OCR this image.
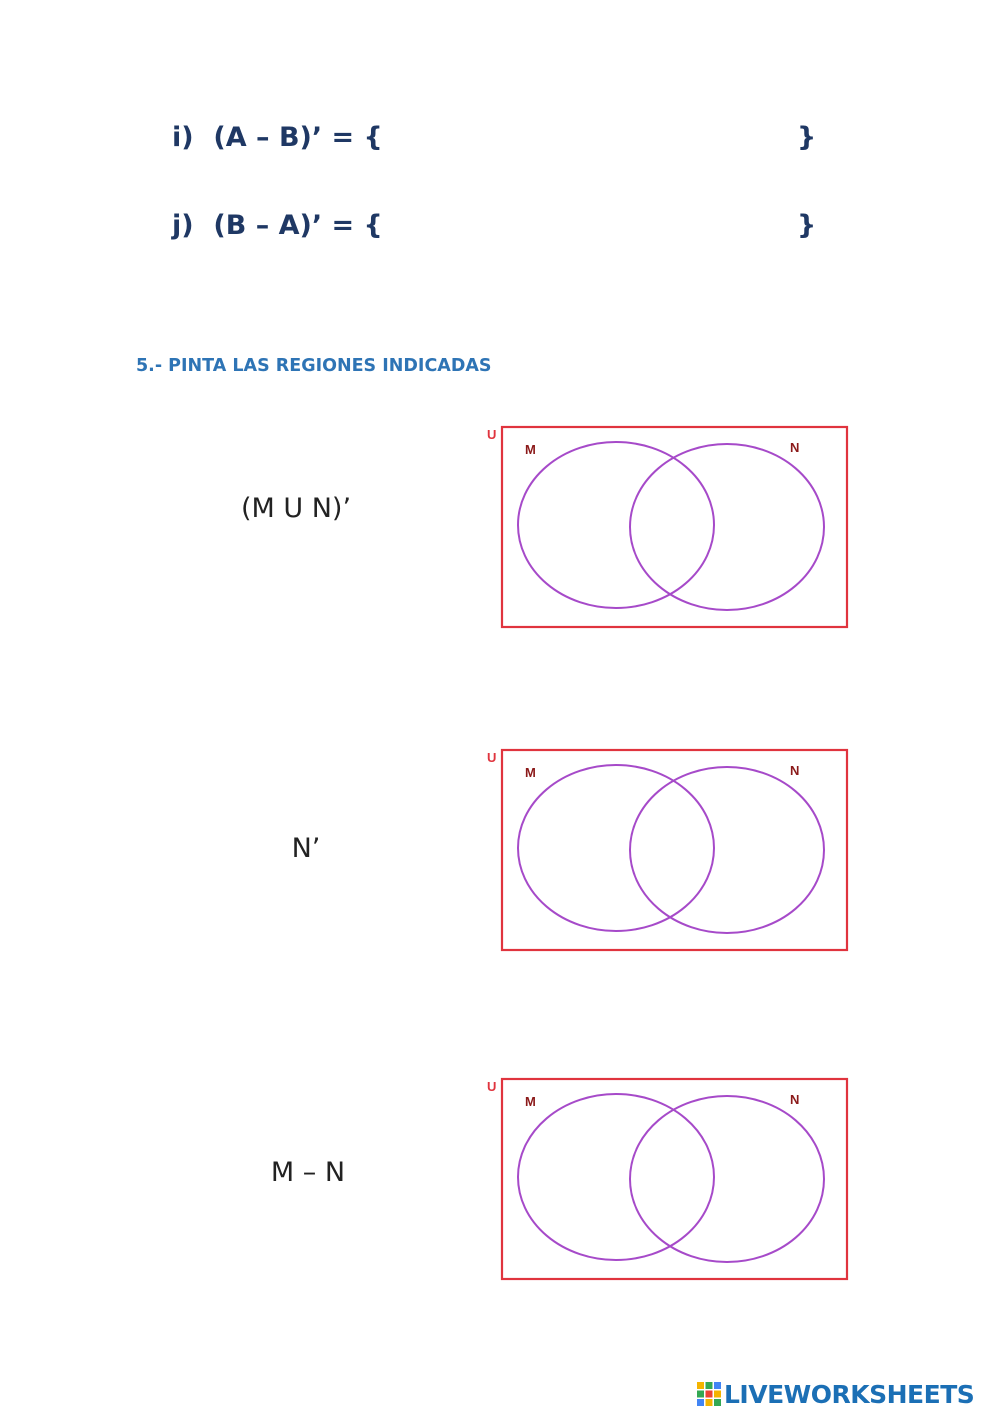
i) (A – B)’ = {	}
j) (B – A)’ = {	}
5.- PINTA LAS REGIONES INDICADAS
(M U N)’
U
M	N
N’
U
M	N
M – N
U
M	N
LIVEWORKSHEETS
